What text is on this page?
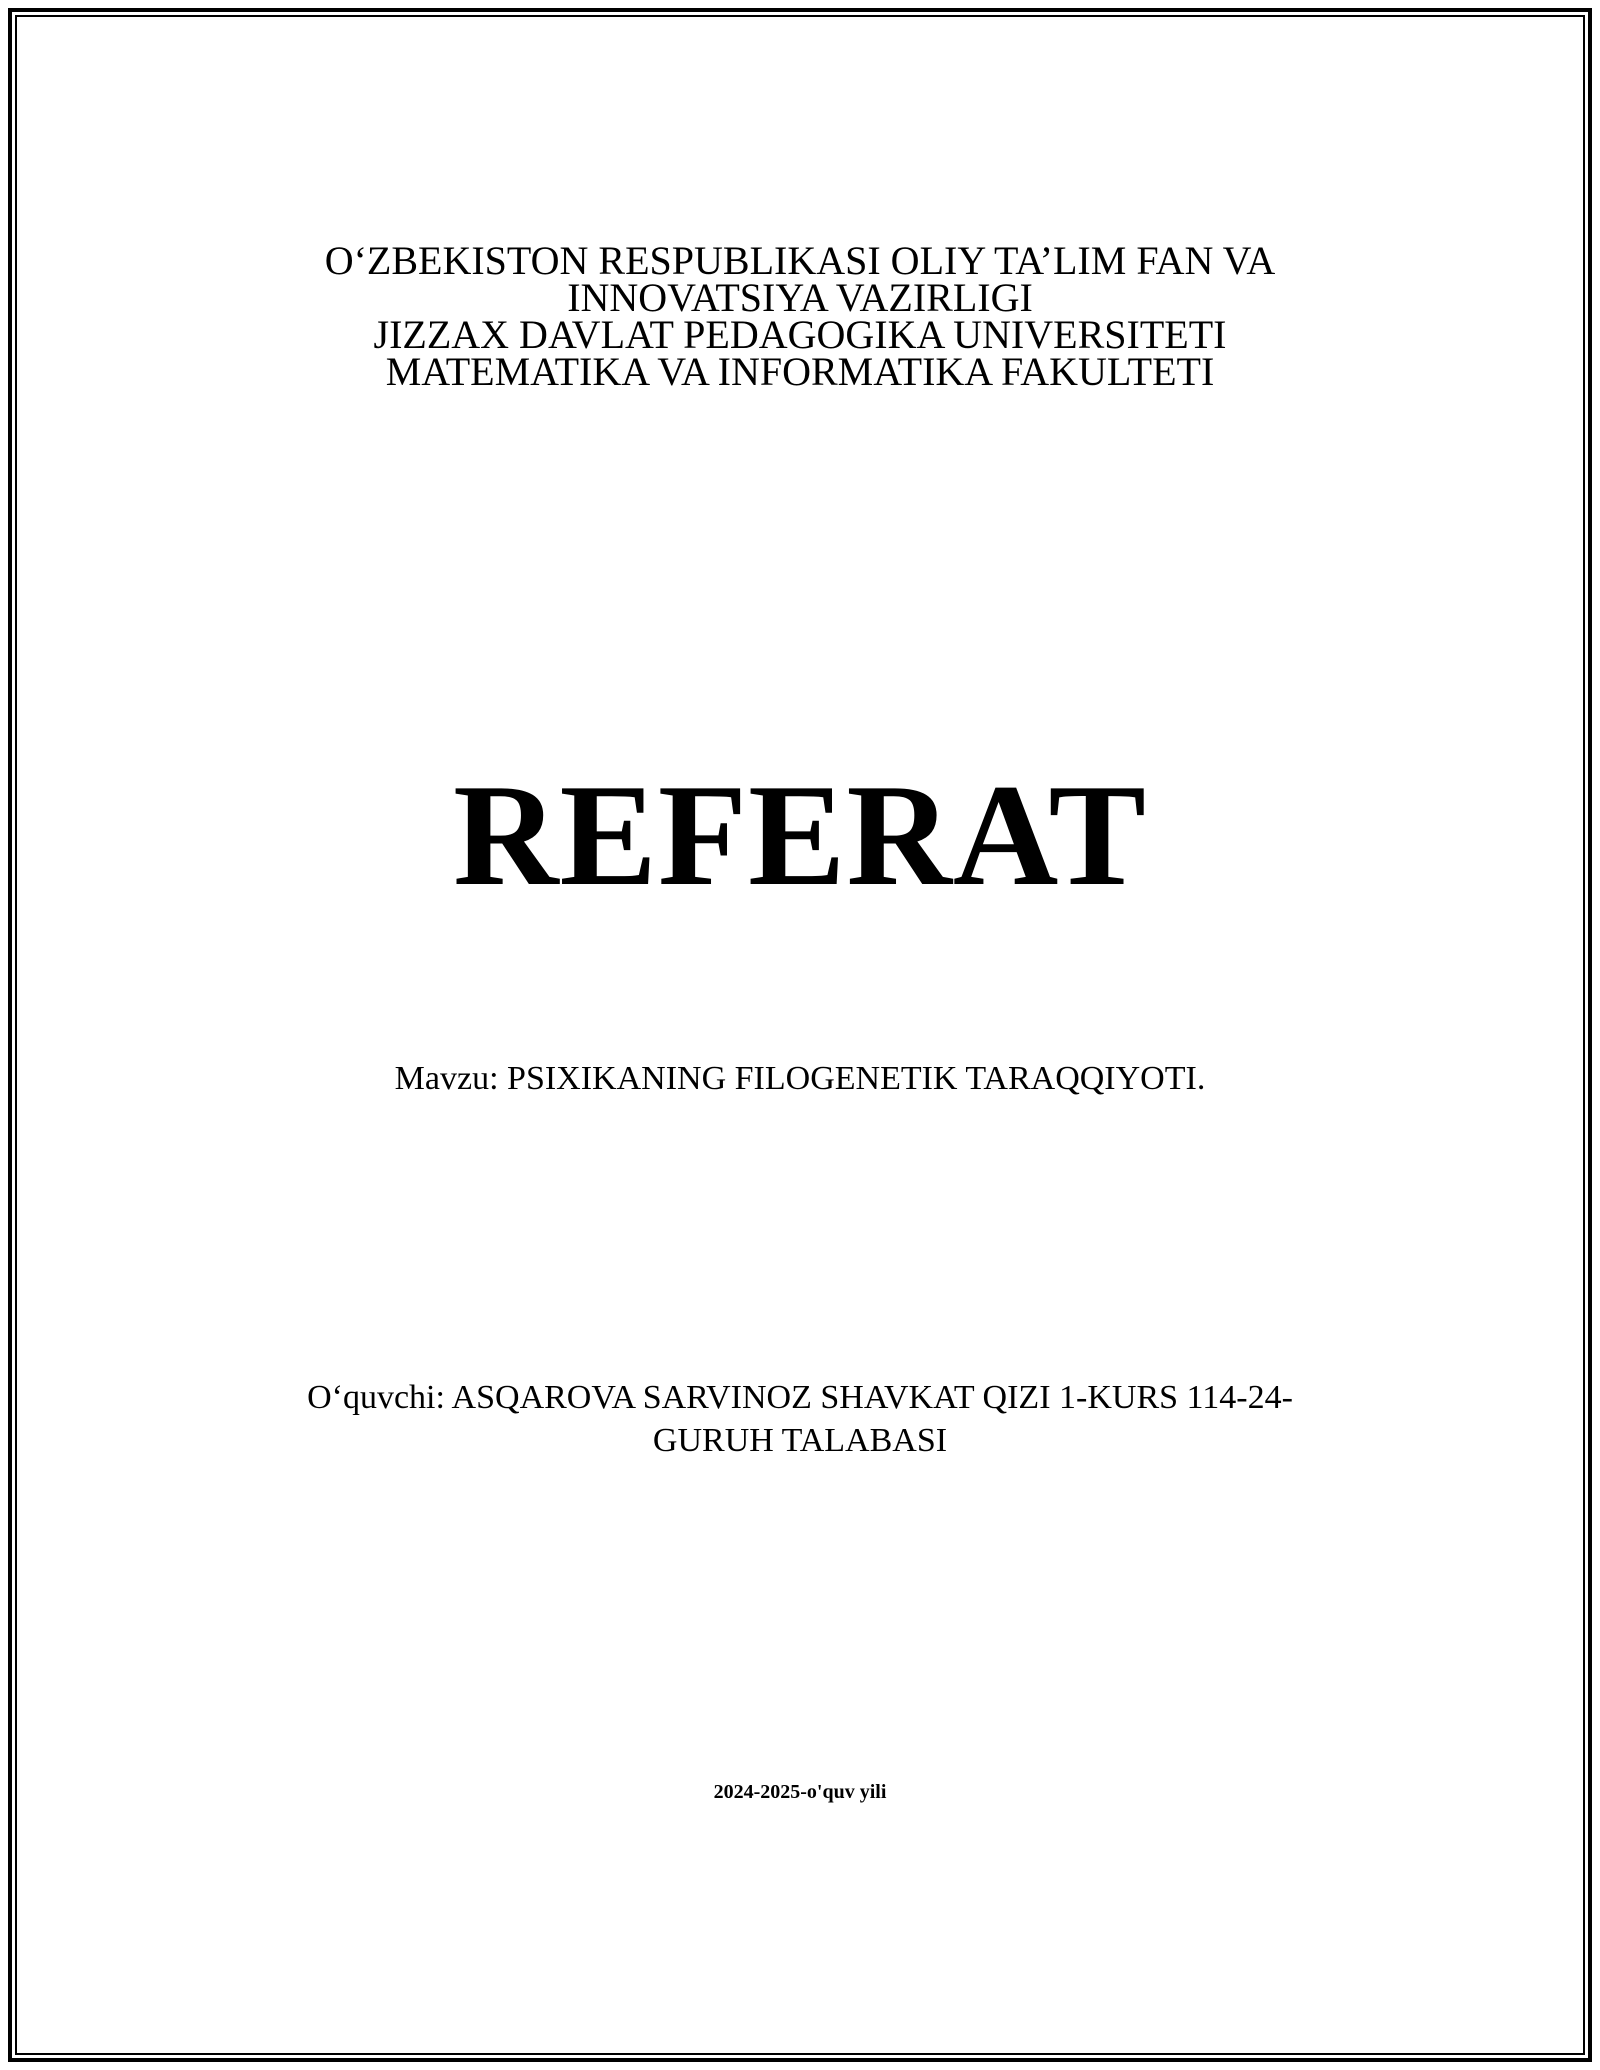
O‘ZBEKISTON RESPUBLIKASI OLIY TA’LIM FAN VA
INNOVATSIYA VAZIRLIGI
JIZZAX DAVLAT PEDAGOGIKA UNIVERSITETI
MATEMATIKA VA INFORMATIKA FAKULTETI
REFERAT
Mavzu: PSIXIKANING FILOGENETIK TARAQQIYOTI.
O‘quvchi: ASQAROVA SARVINOZ SHAVKAT QIZI 1-KURS 114-24-
GURUH TALABASI
2024-2025-o'quv yili
